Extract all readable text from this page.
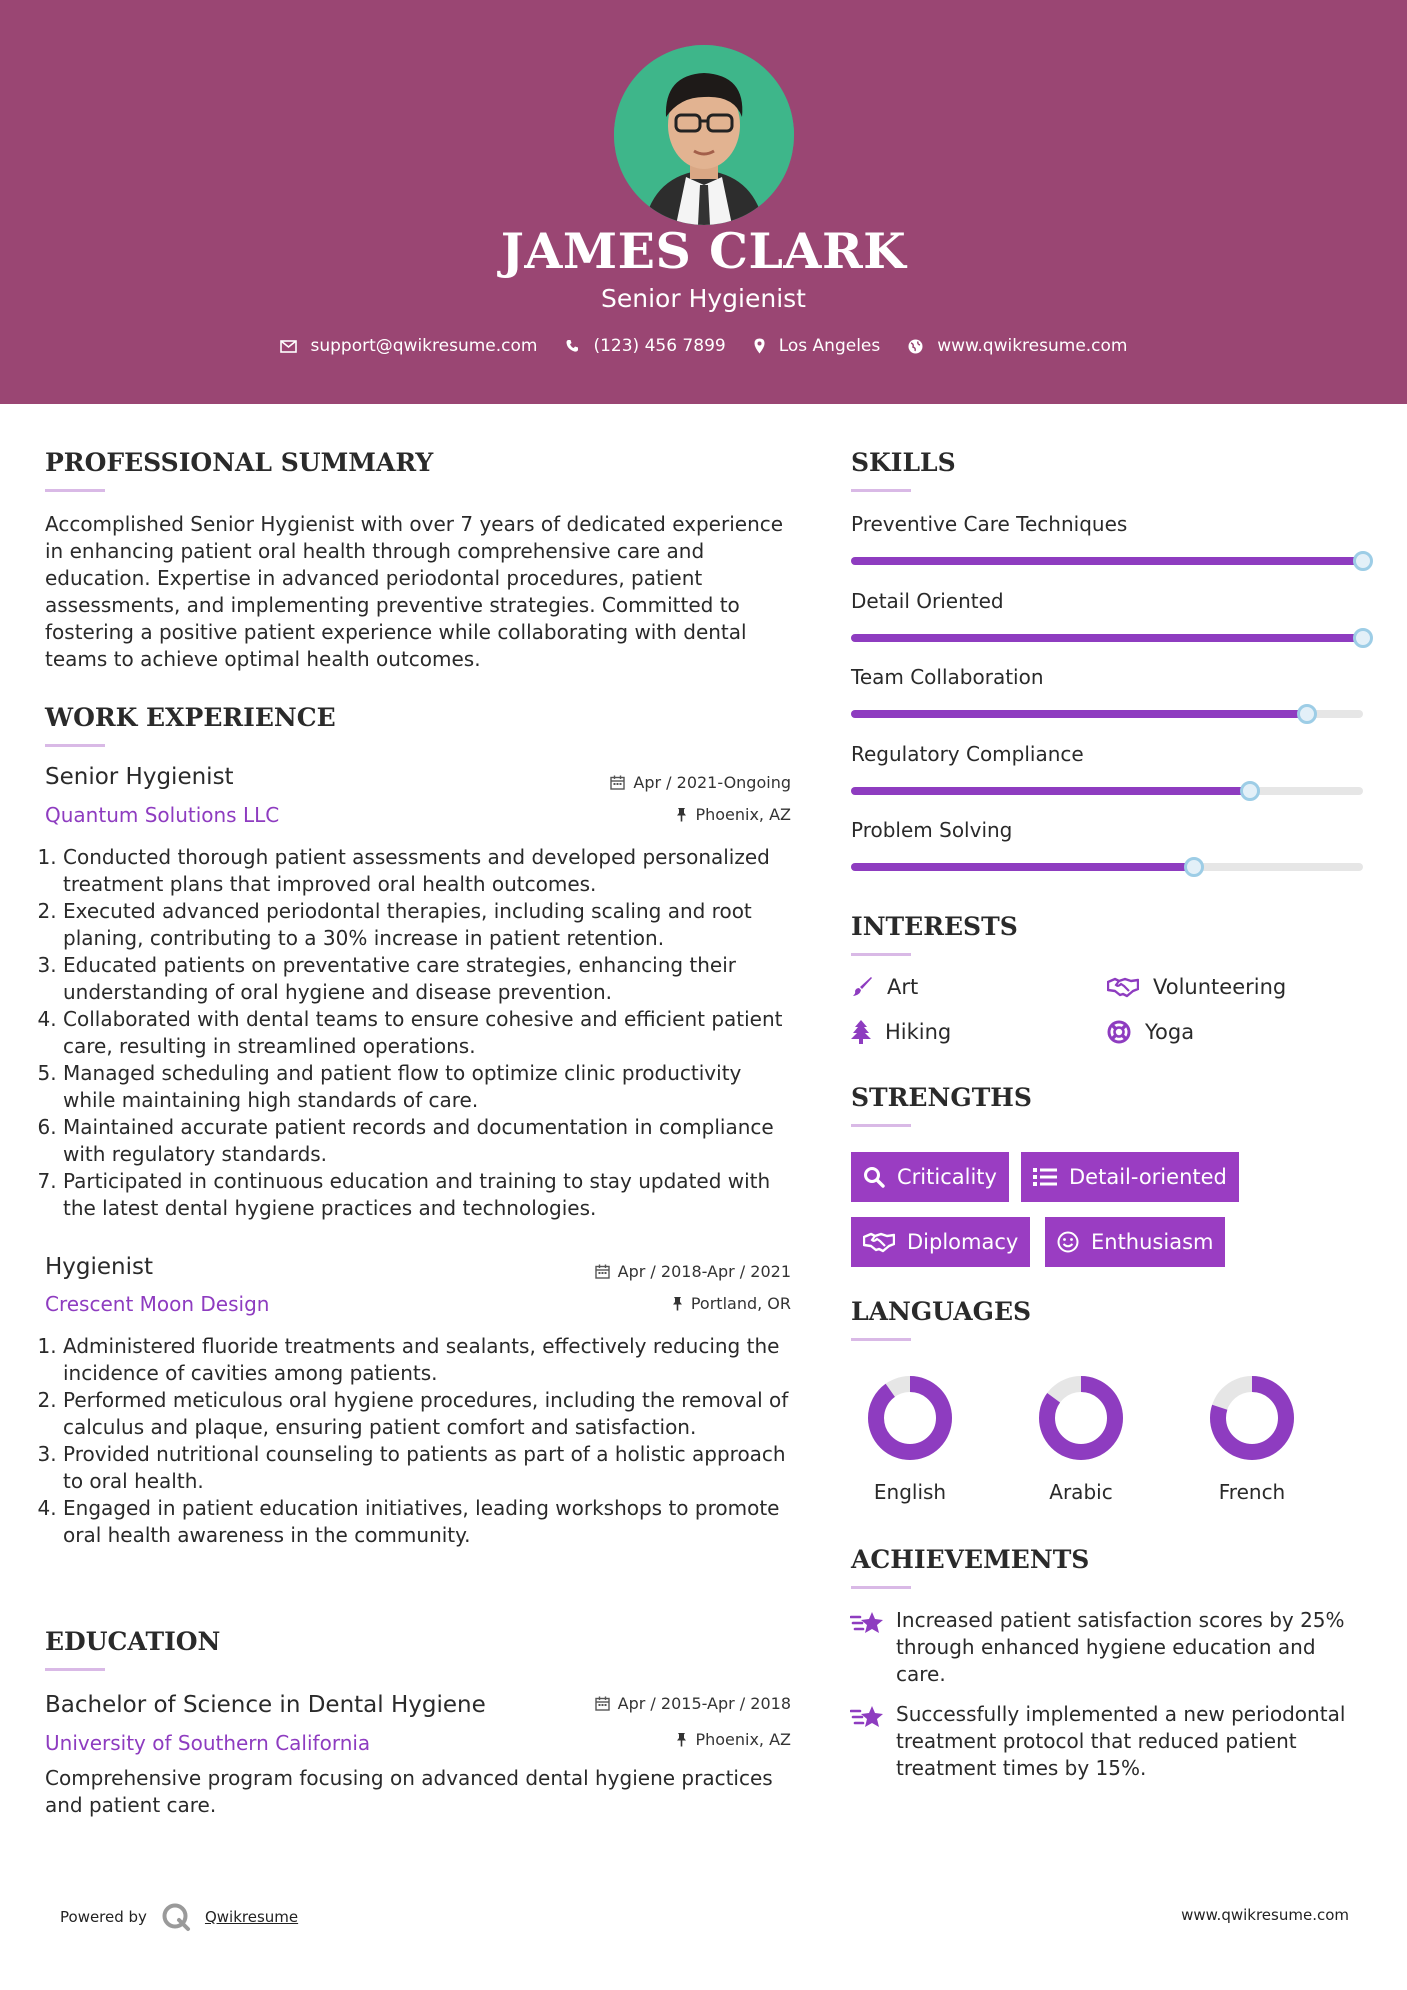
JAMES CLARK
Senior Hygienist
support@qwikresume.com	(123) 456 7899	Los Angeles	www.qwikresume.com
PROFESSIONAL SUMMARY
Accomplished Senior Hygienist with over 7 years of dedicated experience in enhancing patient oral health through comprehensive care and education. Expertise in advanced periodontal procedures, patient assessments, and implementing preventive strategies. Committed to fostering a positive patient experience while collaborating with dental teams to achieve optimal health outcomes.
WORK EXPERIENCE
Senior Hygienist
Quantum Solutions LLC
Apr / 2021-Ongoing
Phoenix, AZ
1. Conducted thorough patient assessments and developed personalized treatment plans that improved oral health outcomes.
2. Executed advanced periodontal therapies, including scaling and root planing, contributing to a 30% increase in patient retention.
3. Educated patients on preventative care strategies, enhancing their understanding of oral hygiene and disease prevention.
4. Collaborated with dental teams to ensure cohesive and efficient patient care, resulting in streamlined operations.
5. Managed scheduling and patient flow to optimize clinic productivity while maintaining high standards of care.
6. Maintained accurate patient records and documentation in compliance with regulatory standards.
7. Participated in continuous education and training to stay updated with the latest dental hygiene practices and technologies.
Hygienist
Crescent Moon Design
Apr / 2018-Apr / 2021
Portland, OR
1. Administered fluoride treatments and sealants, effectively reducing the incidence of cavities among patients.
2. Performed meticulous oral hygiene procedures, including the removal of calculus and plaque, ensuring patient comfort and satisfaction.
3. Provided nutritional counseling to patients as part of a holistic approach to oral health.
4. Engaged in patient education initiatives, leading workshops to promote oral health awareness in the community.
EDUCATION
Bachelor of Science in Dental Hygiene
University of Southern California
Apr / 2015-Apr / 2018
Phoenix, AZ
Comprehensive program focusing on advanced dental hygiene practices and patient care.
SKILLS
Preventive Care Techniques
Detail Oriented
Team Collaboration
Regulatory Compliance
Problem Solving
INTERESTS
Art	Volunteering
Hiking	Yoga
STRENGTHS
Criticality	Detail-oriented
Diplomacy	Enthusiasm
LANGUAGES
English	Arabic	French
ACHIEVEMENTS
Increased patient satisfaction scores by 25% through enhanced hygiene education and care.
Successfully implemented a new periodontal treatment protocol that reduced patient treatment times by 15%.
Powered by	Qwikresume	www.qwikresume.com
